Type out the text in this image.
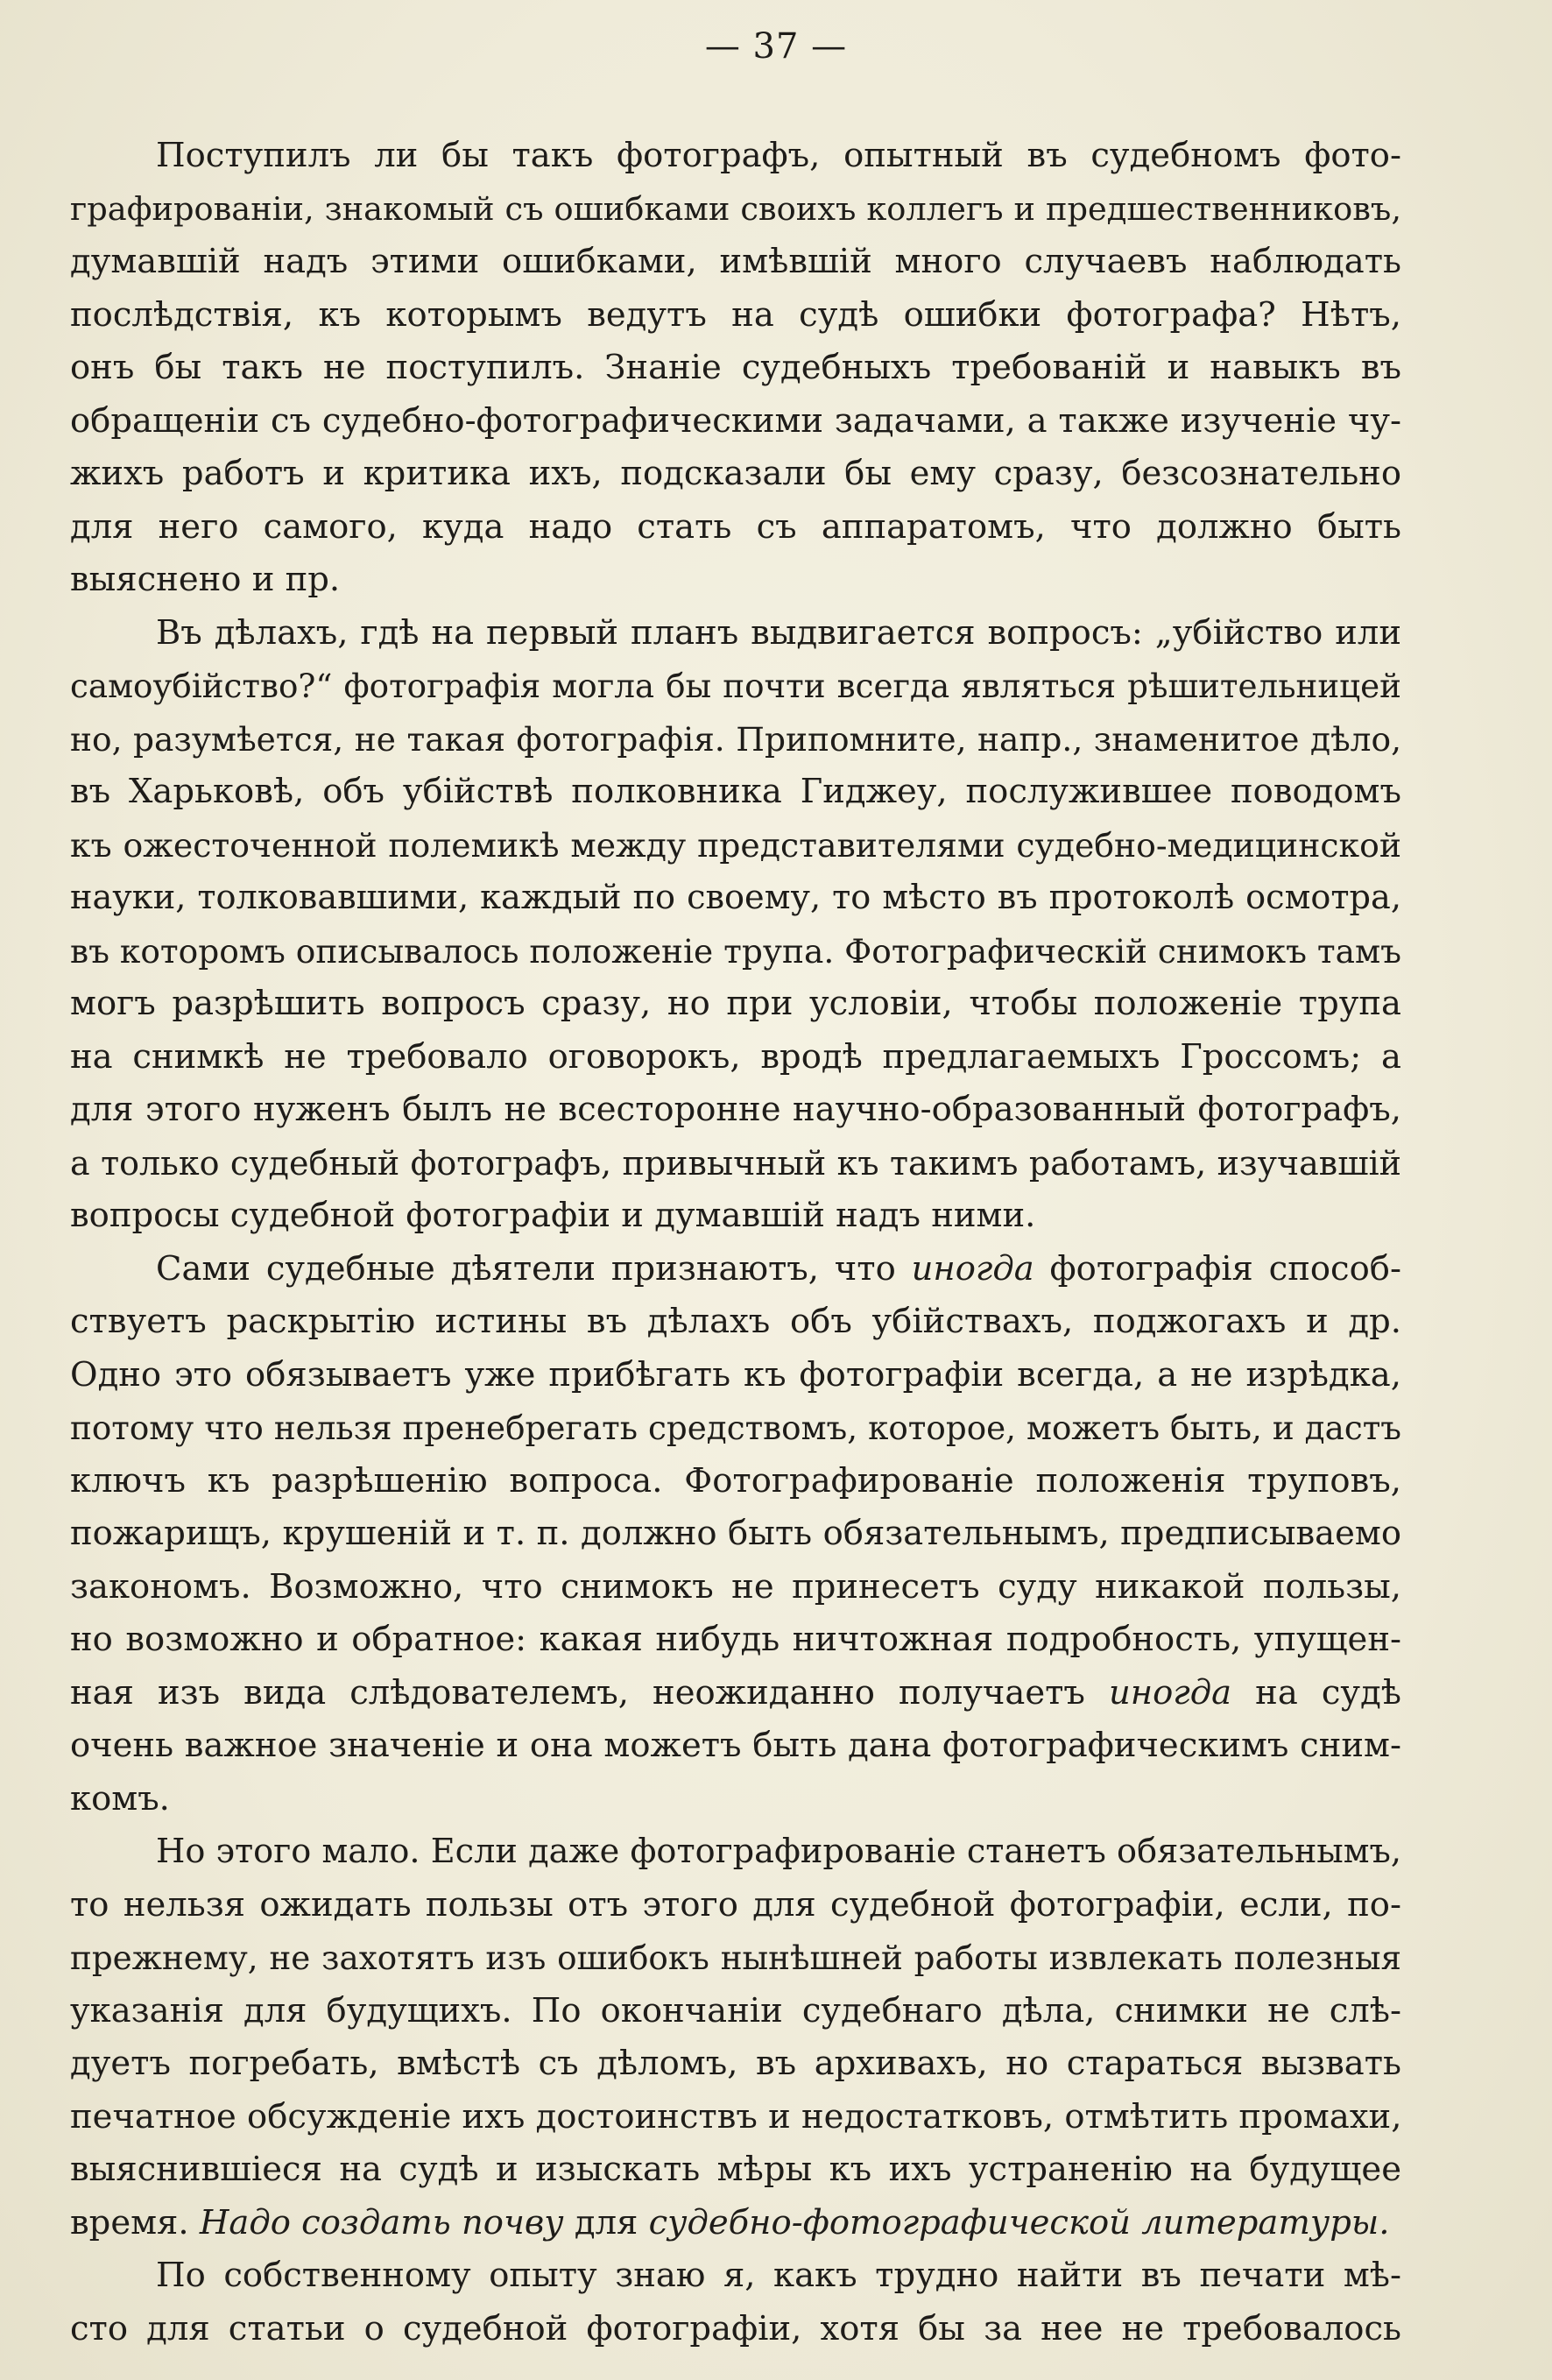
— 37 —
Поступилъ ли бы такъ фотографъ, опытный въ судебномъ фото-
графированіи, знакомый съ ошибками своихъ коллегъ и предшественниковъ,
думавшій надъ этими ошибками, имѣвшій много случаевъ наблюдать
послѣдствія, къ которымъ ведутъ на судѣ ошибки фотографа? Нѣтъ,
онъ бы такъ не поступилъ. Знаніе судебныхъ требованій и навыкъ въ
обращеніи съ судебно-фотографическими задачами, а также изученіе чу-
жихъ работъ и критика ихъ, подсказали бы ему сразу, безсознательно
для него самого, куда надо стать съ аппаратомъ, что должно быть
выяснено и пр.
Въ дѣлахъ, гдѣ на первый планъ выдвигается вопросъ: „убійство или
самоубійство?“ фотографія могла бы почти всегда являться рѣшительницей
но, разумѣется, не такая фотографія. Припомните, напр., знаменитое дѣло,
въ Харьковѣ, объ убійствѣ полковника Гиджеу, послужившее поводомъ
къ ожесточенной полемикѣ между представителями судебно-медицинской
науки, толковавшими, каждый по своему, то мѣсто въ протоколѣ осмотра,
въ которомъ описывалось положеніе трупа. Фотографическій снимокъ тамъ
могъ разрѣшить вопросъ сразу, но при условіи, чтобы положеніе трупа
на снимкѣ не требовало оговорокъ, вродѣ предлагаемыхъ Гроссомъ; а
для этого нуженъ былъ не всесторонне научно-образованный фотографъ,
а только судебный фотографъ, привычный къ такимъ работамъ, изучавшій
вопросы судебной фотографіи и думавшій надъ ними.
Сами судебные дѣятели признаютъ, что иногда фотографія способ-
ствуетъ раскрытію истины въ дѣлахъ объ убійствахъ, поджогахъ и др.
Одно это обязываетъ уже прибѣгать къ фотографіи всегда, а не изрѣдка,
потому что нельзя пренебрегать средствомъ, которое, можетъ быть, и дастъ
ключъ къ разрѣшенію вопроса. Фотографированіе положенія труповъ,
пожарищъ, крушеній и т. п. должно быть обязательнымъ, предписываемо
закономъ. Возможно, что снимокъ не принесетъ суду никакой пользы,
но возможно и обратное: какая нибудь ничтожная подробность, упущен-
ная изъ вида слѣдователемъ, неожиданно получаетъ иногда на судѣ
очень важное значеніе и она можетъ быть дана фотографическимъ сним-
комъ.
Но этого мало. Если даже фотографированіе станетъ обязательнымъ,
то нельзя ожидать пользы отъ этого для судебной фотографіи, если, по-
прежнему, не захотятъ изъ ошибокъ нынѣшней работы извлекать полезныя
указанія для будущихъ. По окончаніи судебнаго дѣла, снимки не слѣ-
дуетъ погребать, вмѣстѣ съ дѣломъ, въ архивахъ, но стараться вызвать
печатное обсужденіе ихъ достоинствъ и недостатковъ, отмѣтить промахи,
выяснившіеся на судѣ и изыскать мѣры къ ихъ устраненію на будущее
время. Надо создать почву для судебно-фотографической литературы.
По собственному опыту знаю я, какъ трудно найти въ печати мѣ-
сто для статьи о судебной фотографіи, хотя бы за нее не требовалось
